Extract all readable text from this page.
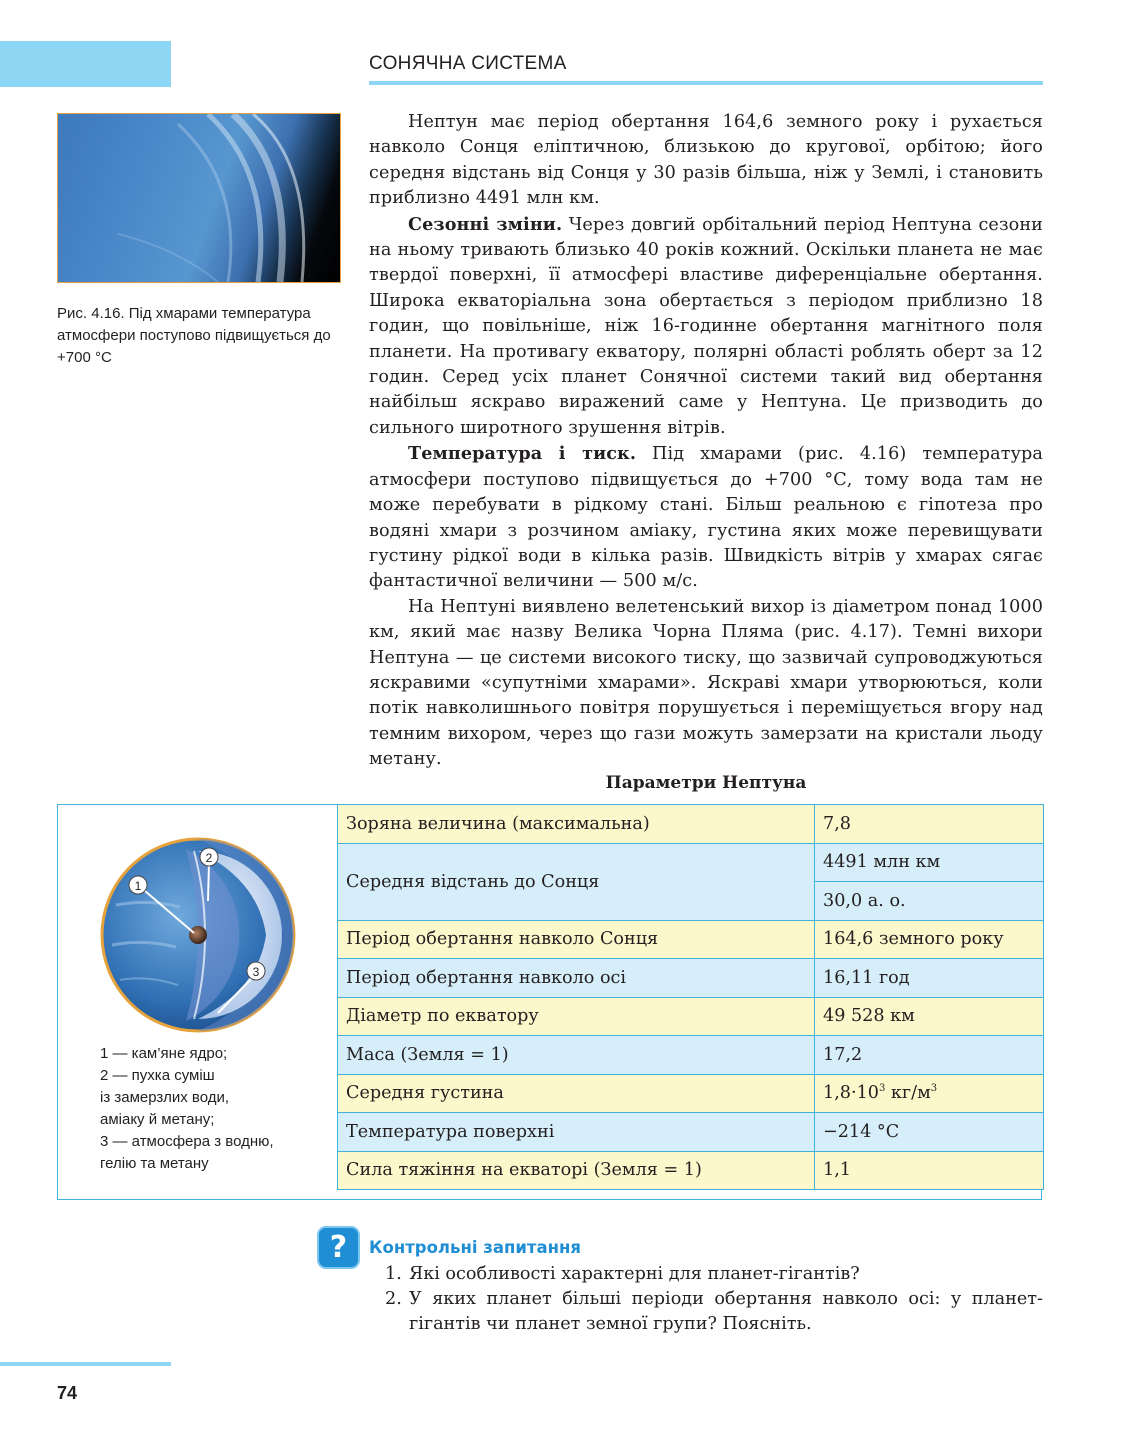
СОНЯЧНА СИСТЕМА
Рис. 4.16. Під хмарами температура атмосфери поступово підвищується до +700 °С

Нептун має період обертання 164,6 земного року і рухається навколо Сонця еліптичною, близькою до кругової, орбітою; його середня відстань від Сонця у 30 разів більша, ніж у Землі, і становить приблизно 4491 млн км.

Сезонні зміни. Через довгий орбітальний період Нептуна сезони на ньому тривають близько 40 років кожний. Оскільки планета не має твердої поверхні, її атмосфері властиве диференціальне обертання. Широка екваторіальна зона обертається з періодом приблизно 18 годин, що повільніше, ніж 16-годинне обертання магнітного поля планети. На противагу екватору, полярні області роблять оберт за 12 годин. Серед усіх планет Сонячної системи такий вид обертання найбільш яскраво виражений саме у Нептуна. Це призводить до сильного широтного зрушення вітрів.

Температура і тиск. Під хмарами (рис. 4.16) температура атмосфери поступово підвищується до +700 °С, тому вода там не може перебувати в рідкому стані. Більш реальною є гіпотеза про водяні хмари з розчином аміаку, густина яких може перевищувати густину рідкої води в кілька разів. Швидкість вітрів у хмарах сягає фантастичної величини — 500 м/с.

На Нептуні виявлено велетенський вихор із діаметром понад 1000 км, який має назву Велика Чорна Пляма (рис. 4.17). Темні вихори Нептуна — це системи високого тиску, що зазвичай супроводжуються яскравими «супутніми хмарами». Яскраві хмари утворюються, коли потік навколишнього повітря порушується і переміщується вгору над темним вихором, через що гази можуть замерзати на кристали льоду метану.

Параметри Нептуна
1
2
3
1 — кам’яне ядро;
2 — пухка суміш
із замерзлих води,
аміаку й метану;
3 — атмосфера з водню,
гелію та метану
Зоряна величина (максимальна)	7,8
Середня відстань до Сонця	4491 млн км
	30,0 а. о.
Період обертання навколо Сонця	164,6 земного року
Період обертання навколо осі	16,11 год
Діаметр по екватору	49 528 км
Маса (Земля = 1)	17,2
Середня густина	$1,8\cdot 10^3$ $кг/м^3$
Температура поверхні	−214 °С
Сила тяжіння на екваторі (Земля = 1)	1,1
?	Контрольні запитання
1. Які особливості характерні для планет-гігантів?
2. У яких планет більші періоди обертання навколо осі: у планет-гігантів чи планет земної групи? Поясніть.
74
